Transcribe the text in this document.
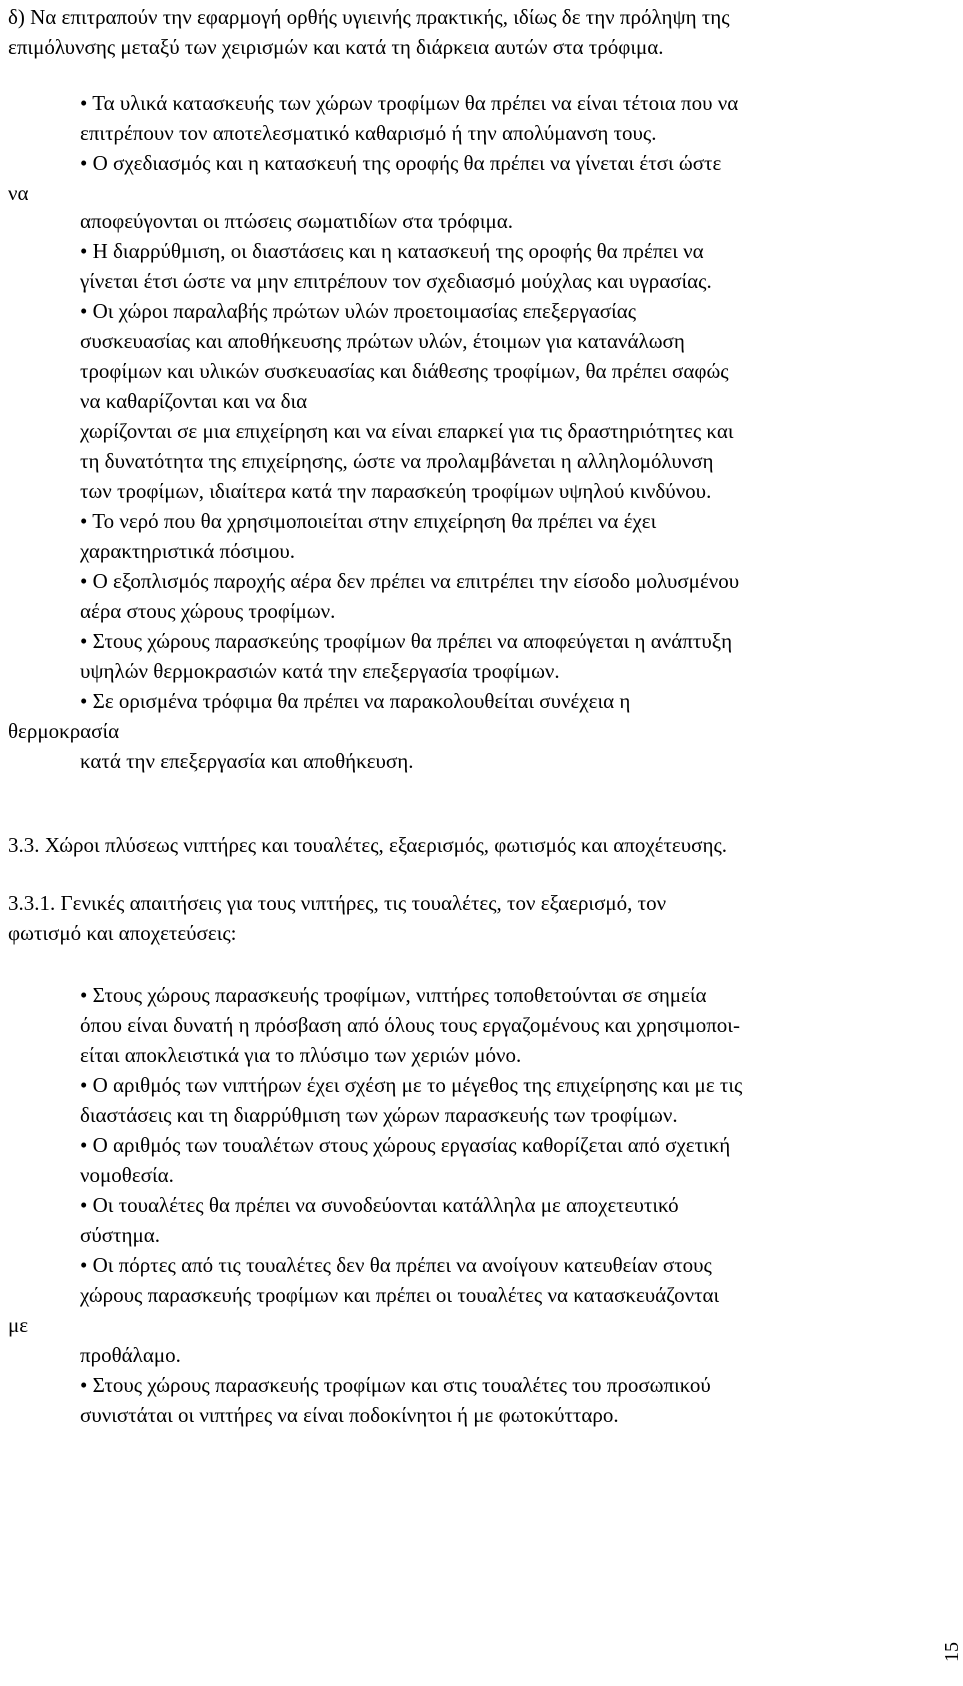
δ) Να επιτραπούν την εφαρμογή ορθής υγιεινής πρακτικής, ιδίως δε την πρόληψη της
επιμόλυνσης μεταξύ των χειρισμών και κατά τη διάρκεια αυτών στα τρόφιμα.
• Τα υλικά κατασκευής των χώρων τροφίμων θα πρέπει να είναι τέτοια που να
επιτρέπουν τον αποτελεσματικό καθαρισμό ή την απολύμανση τους.
• Ο σχεδιασμός και η κατασκευή της οροφής θα πρέπει να γίνεται έτσι ώστε
να
αποφεύγονται οι πτώσεις σωματιδίων στα τρόφιμα.
• Η διαρρύθμιση, οι διαστάσεις και η κατασκευή της οροφής θα πρέπει να
γίνεται έτσι ώστε να μην επιτρέπουν τον σχεδιασμό μούχλας και υγρασίας.
• Οι χώροι παραλαβής πρώτων υλών προετοιμασίας επεξεργασίας
συσκευασίας και αποθήκευσης πρώτων υλών, έτοιμων για κατανάλωση
τροφίμων και υλικών συσκευασίας και διάθεσης τροφίμων, θα πρέπει σαφώς
να καθαρίζονται και να δια
χωρίζονται σε μια επιχείρηση και να είναι επαρκεί για τις δραστηριότητες και
τη δυνατότητα της επιχείρησης, ώστε να προλαμβάνεται η αλληλομόλυνση
των τροφίμων, ιδιαίτερα κατά την παρασκεύη τροφίμων υψηλού κινδύνου.
• Το νερό που θα χρησιμοποιείται στην επιχείρηση θα πρέπει να έχει
χαρακτηριστικά πόσιμου.
• Ο εξοπλισμός παροχής αέρα δεν πρέπει να επιτρέπει την είσοδο μολυσμένου
αέρα στους χώρους τροφίμων.
• Στους χώρους παρασκεύης τροφίμων θα πρέπει να αποφεύγεται η ανάπτυξη
υψηλών θερμοκρασιών κατά την επεξεργασία τροφίμων.
• Σε ορισμένα τρόφιμα θα πρέπει να παρακολουθείται συνέχεια η
θερμοκρασία
κατά την επεξεργασία και αποθήκευση.
3.3. Χώροι πλύσεως νιπτήρες και τουαλέτες, εξαερισμός, φωτισμός και αποχέτευσης.
3.3.1. Γενικές απαιτήσεις για τους νιπτήρες, τις τουαλέτες, τον εξαερισμό, τον
φωτισμό και αποχετεύσεις:
• Στους χώρους παρασκευής τροφίμων, νιπτήρες τοποθετούνται σε σημεία
όπου είναι δυνατή η πρόσβαση από όλους τους εργαζομένους και χρησιμοποι-
είται αποκλειστικά για το πλύσιμο των χεριών μόνο.
• Ο αριθμός των νιπτήρων έχει σχέση με το μέγεθος της επιχείρησης και με τις
διαστάσεις και τη διαρρύθμιση των χώρων παρασκευής των τροφίμων.
• Ο αριθμός των τουαλέτων στους χώρους εργασίας καθορίζεται από σχετική
νομοθεσία.
• Οι τουαλέτες θα πρέπει να συνοδεύονται κατάλληλα με αποχετευτικό
σύστημα.
• Οι πόρτες από τις τουαλέτες δεν θα πρέπει να ανοίγουν κατευθείαν στους
χώρους παρασκευής τροφίμων και πρέπει οι τουαλέτες να κατασκευάζονται
με
προθάλαμο.
• Στους χώρους παρασκευής τροφίμων και στις τουαλέτες του προσωπικού
συνιστάται οι νιπτήρες να είναι ποδοκίνητοι ή με φωτοκύτταρο.
15
